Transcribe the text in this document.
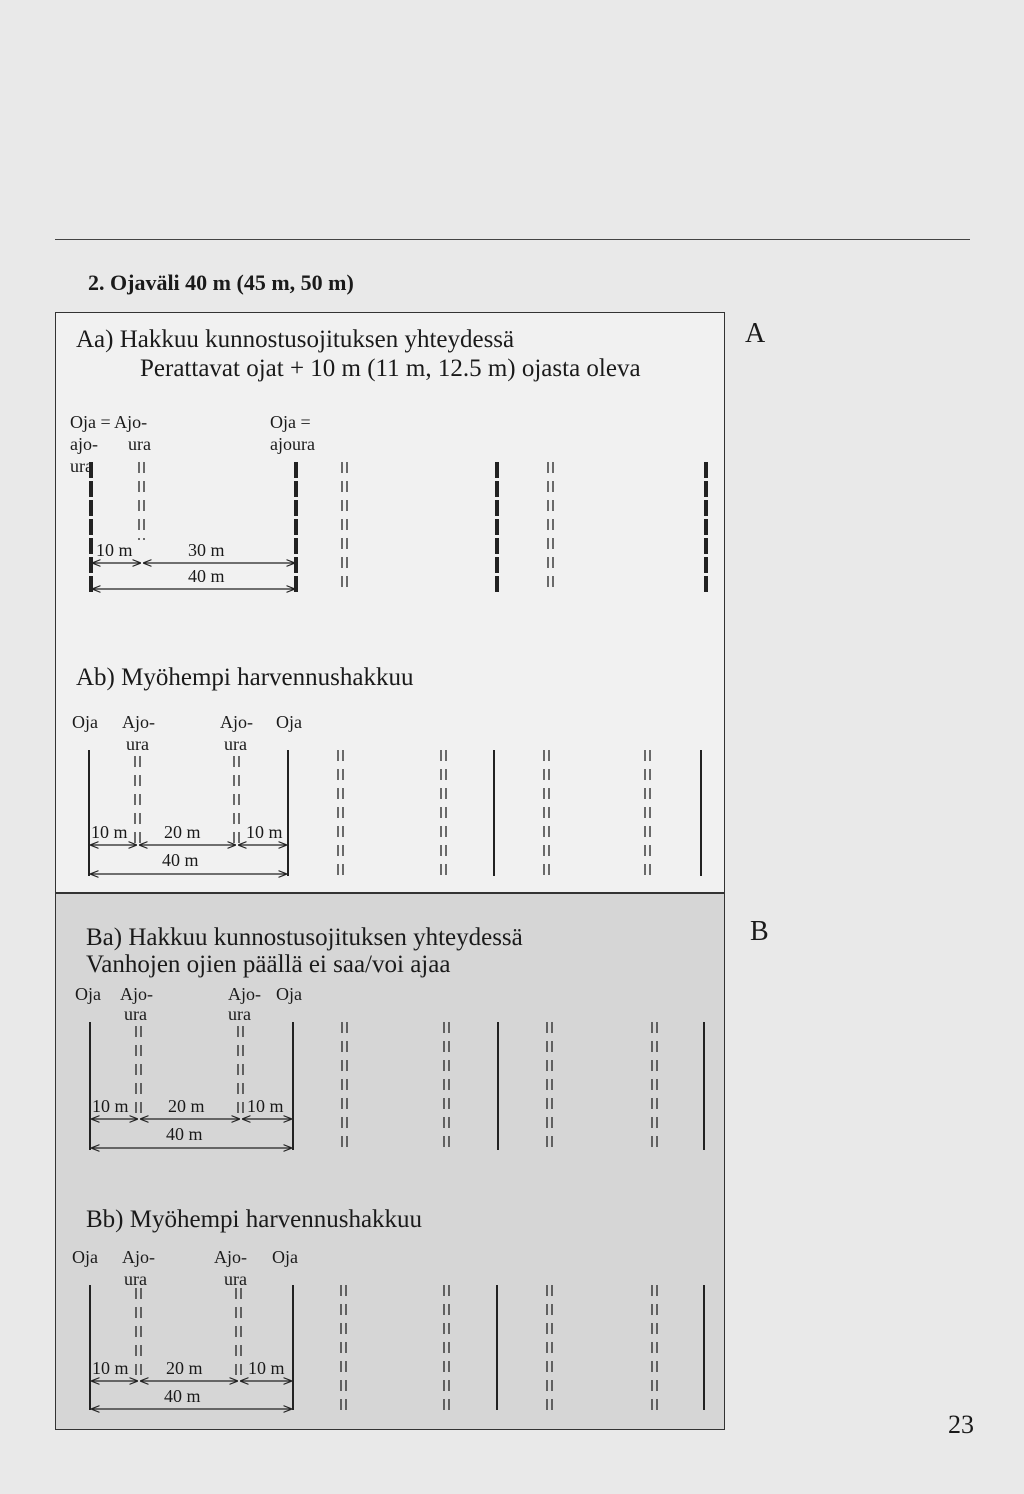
2. Ojaväli 40 m (45 m, 50 m)
A
B
23
Aa) Hakkuu kunnostusojituksen yhteydessä
Perattavat ojat + 10 m (11 m, 12.5 m) ojasta oleva
Oja = Ajo-
ajo-
ura
ura
Oja =
ajoura
10 m	30 m
40 m
Ab) Myöhempi harvennushakkuu
Oja Ajo-
ura
Ajo- Oja
ura
10 m 20 m	10 m
40 m
Ba) Hakkuu kunnostusojituksen yhteydessä
Vanhojen ojien päällä ei saa/voi ajaa
Oja Ajo-
ura
Ajo- Oja
ura
10 m 20 m 10 m
40 m
Bb) Myöhempi harvennushakkuu
Oja Ajo-
ura
Ajo- Oja
ura
10 m 20 m	10 m
40 m
